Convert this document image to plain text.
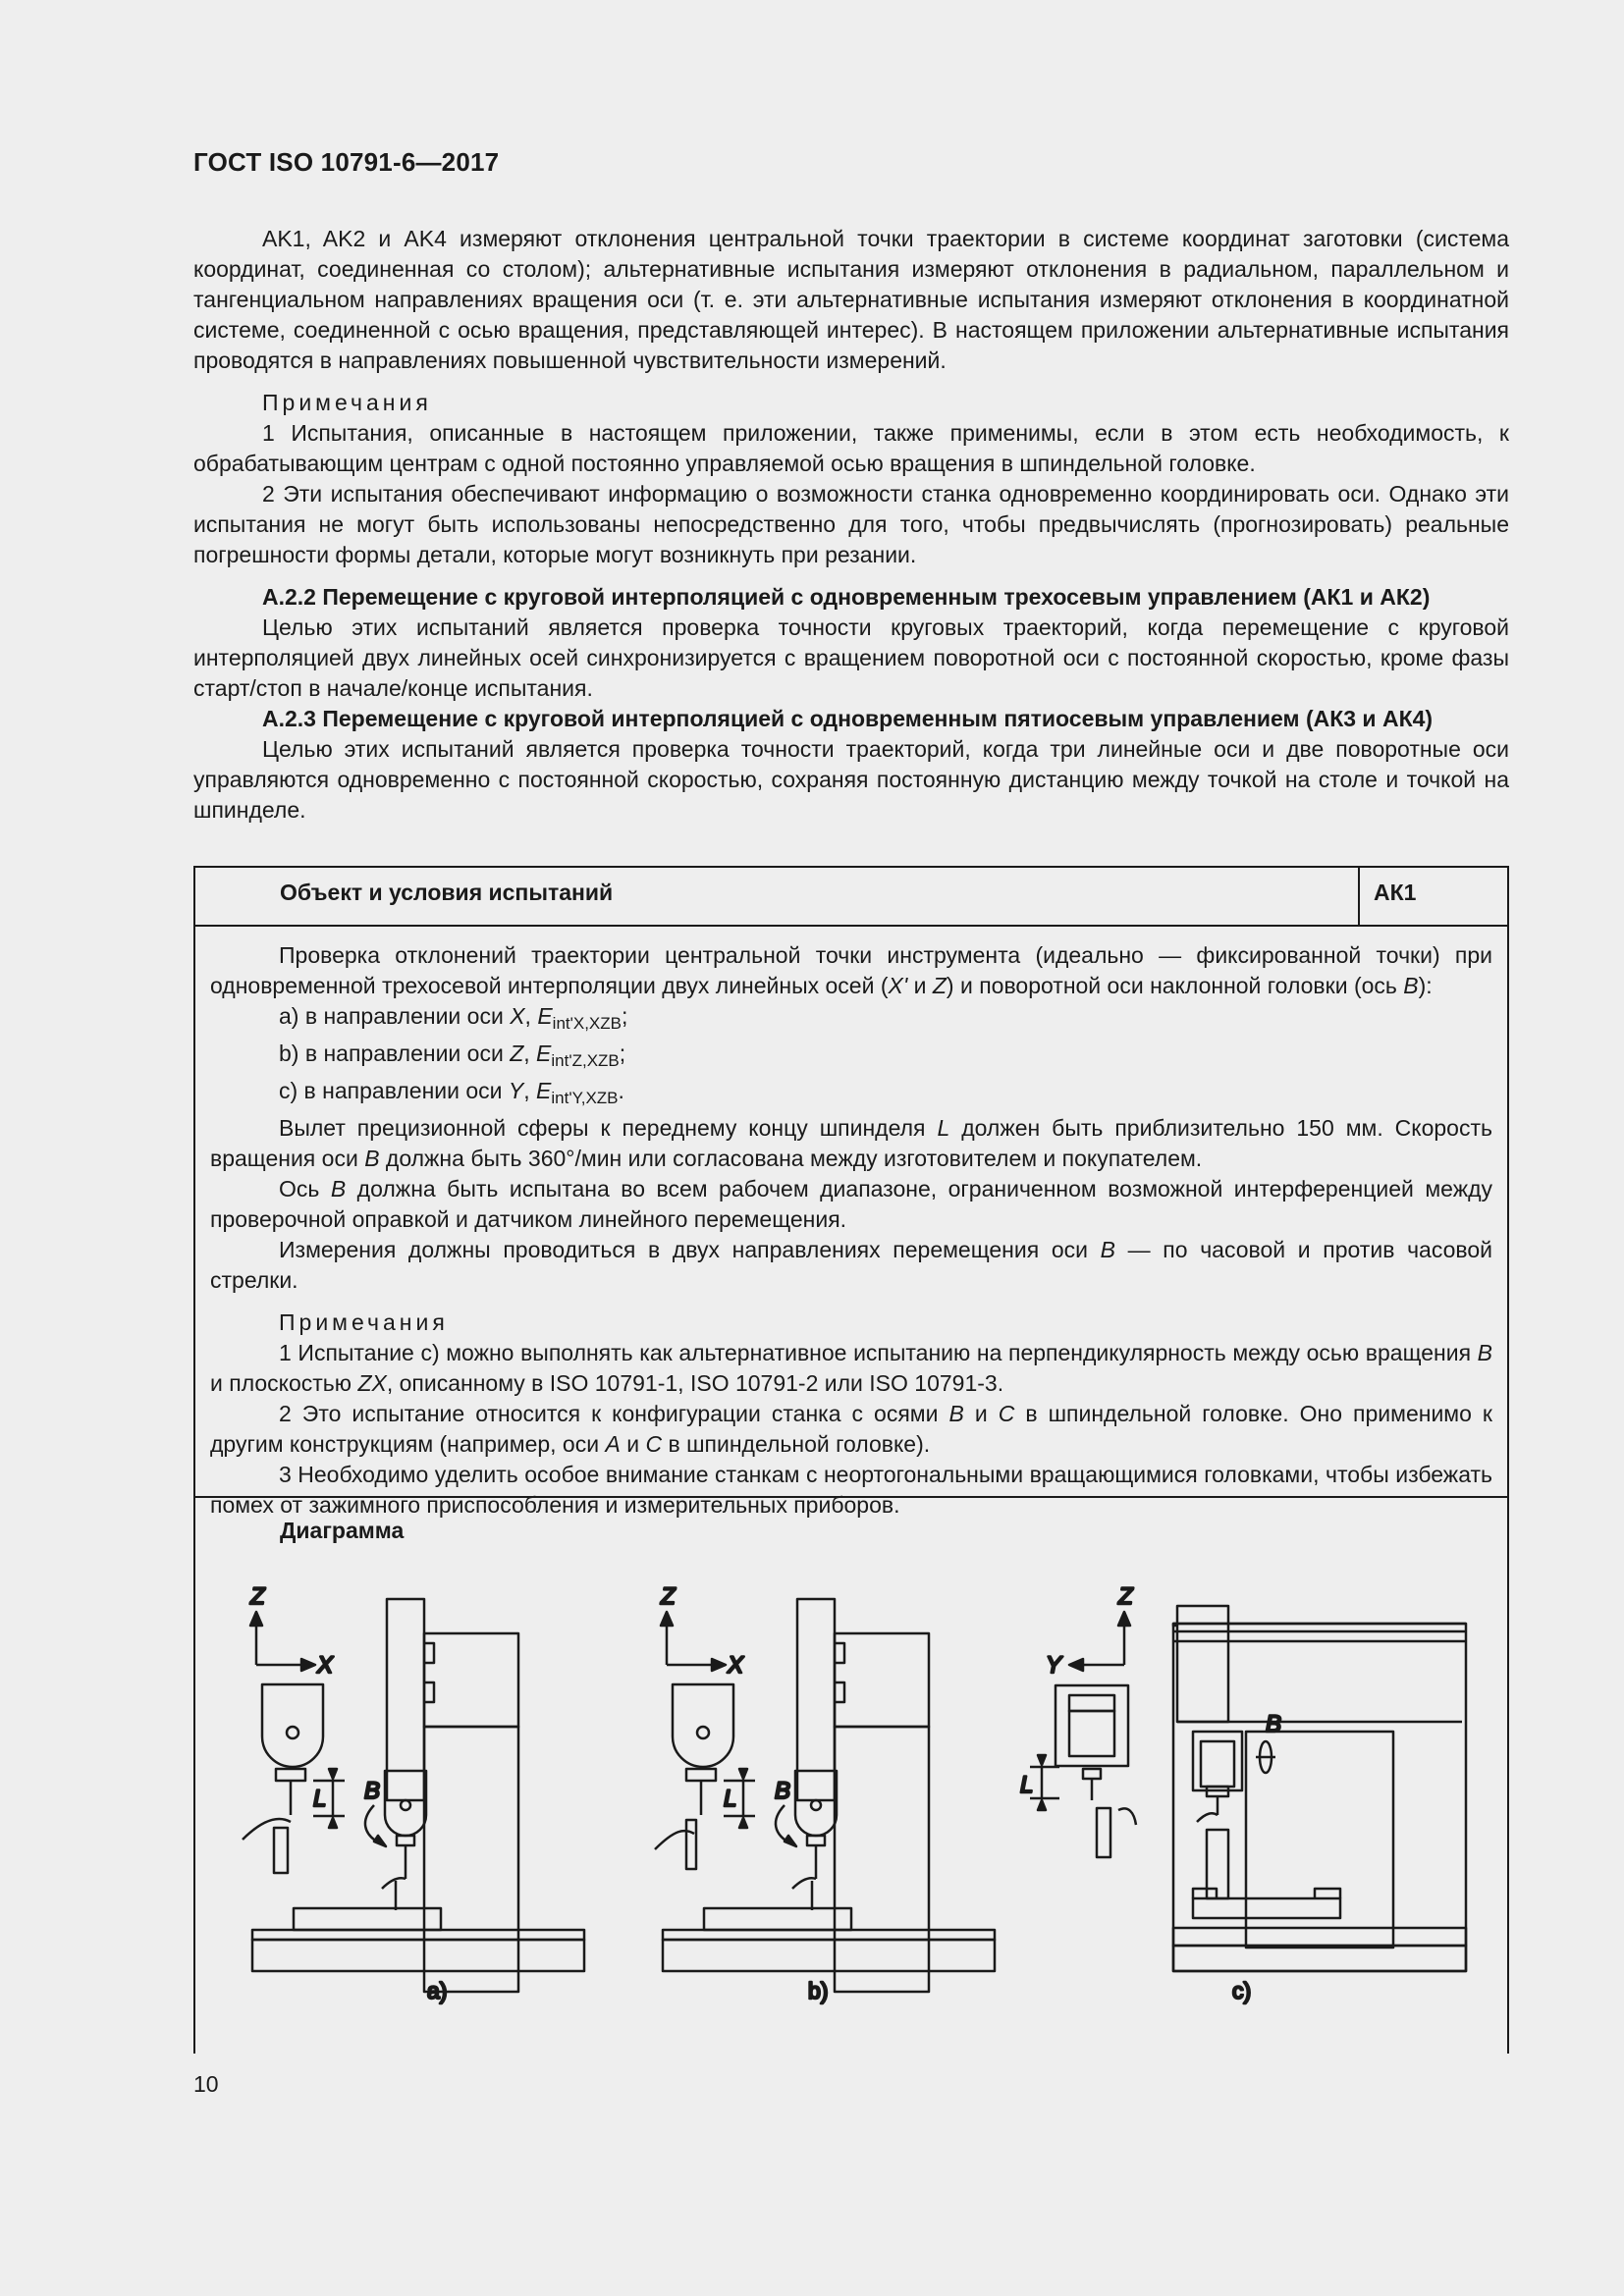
ГОСТ ISO 10791-6—2017

AK1, AK2 и AK4 измеряют отклонения центральной точки траектории в системе координат заготовки (система координат, соединенная со столом); альтернативные испытания измеряют отклонения в радиальном, параллельном и тангенциальном направлениях вращения оси (т. е. эти альтернативные испытания измеряют отклонения в координатной системе, соединенной с осью вращения, представляющей интерес). В настоящем приложении альтернативные испытания проводятся в направлениях повышенной чувствительности измерений.

Примечания

1 Испытания, описанные в настоящем приложении, также применимы, если в этом есть необходимость, к обрабатывающим центрам с одной постоянно управляемой осью вращения в шпиндельной головке.

2 Эти испытания обеспечивают информацию о возможности станка одновременно координировать оси. Однако эти испытания не могут быть использованы непосредственно для того, чтобы предвычислять (прогнозировать) реальные погрешности формы детали, которые могут возникнуть при резании.

А.2.2 Перемещение с круговой интерполяцией с одновременным трехосевым управлением (АК1 и АК2)

Целью этих испытаний является проверка точности круговых траекторий, когда перемещение с круговой интерполяцией двух линейных осей синхронизируется с вращением поворотной оси с постоянной скоростью, кроме фазы старт/стоп в начале/конце испытания.

А.2.3 Перемещение с круговой интерполяцией с одновременным пятиосевым управлением (АК3 и АК4)

Целью этих испытаний является проверка точности траекторий, когда три линейные оси и две поворотные оси управляются одновременно с постоянной скоростью, сохраняя постоянную дистанцию между точкой на столе и точкой на шпинделе.

Объект и условия испытаний	АК1

Проверка отклонений траектории центральной точки инструмента (идеально — фиксированной точки) при одновременной трехосевой интерполяции двух линейных осей (X' и Z) и поворотной оси наклонной головки (ось B):

а) в направлении оси X, $E_{int'X,XZB}$;

b) в направлении оси Z, $E_{int'Z,XZB}$;

c) в направлении оси Y, $E_{int'Y,XZB}$.

Вылет прецизионной сферы к переднему концу шпинделя L должен быть приблизительно 150 мм. Скорость вращения оси B должна быть 360°/мин или согласована между изготовителем и покупателем.

Ось B должна быть испытана во всем рабочем диапазоне, ограниченном возможной интерференцией между проверочной оправкой и датчиком линейного перемещения.

Измерения должны проводиться в двух направлениях перемещения оси B — по часовой и против часовой стрелки.

Примечания

1 Испытание с) можно выполнять как альтернативное испытанию на перпендикулярность между осью вращения B и плоскостью ZX, описанному в ISO 10791-1, ISO 10791-2 или ISO 10791-3.

2 Это испытание относится к конфигурации станка с осями B и C в шпиндельной головке. Оно применимо к другим конструкциям (например, оси A и C в шпиндельной головке).

3 Необходимо уделить особое внимание станкам с неортогональными вращающимися головками, чтобы избежать помех от зажимного приспособления и измерительных приборов.

Диаграмма
Z
X
B
L
a)
Z
X
B
L
b)
Z
Y
B
L
c)
10
